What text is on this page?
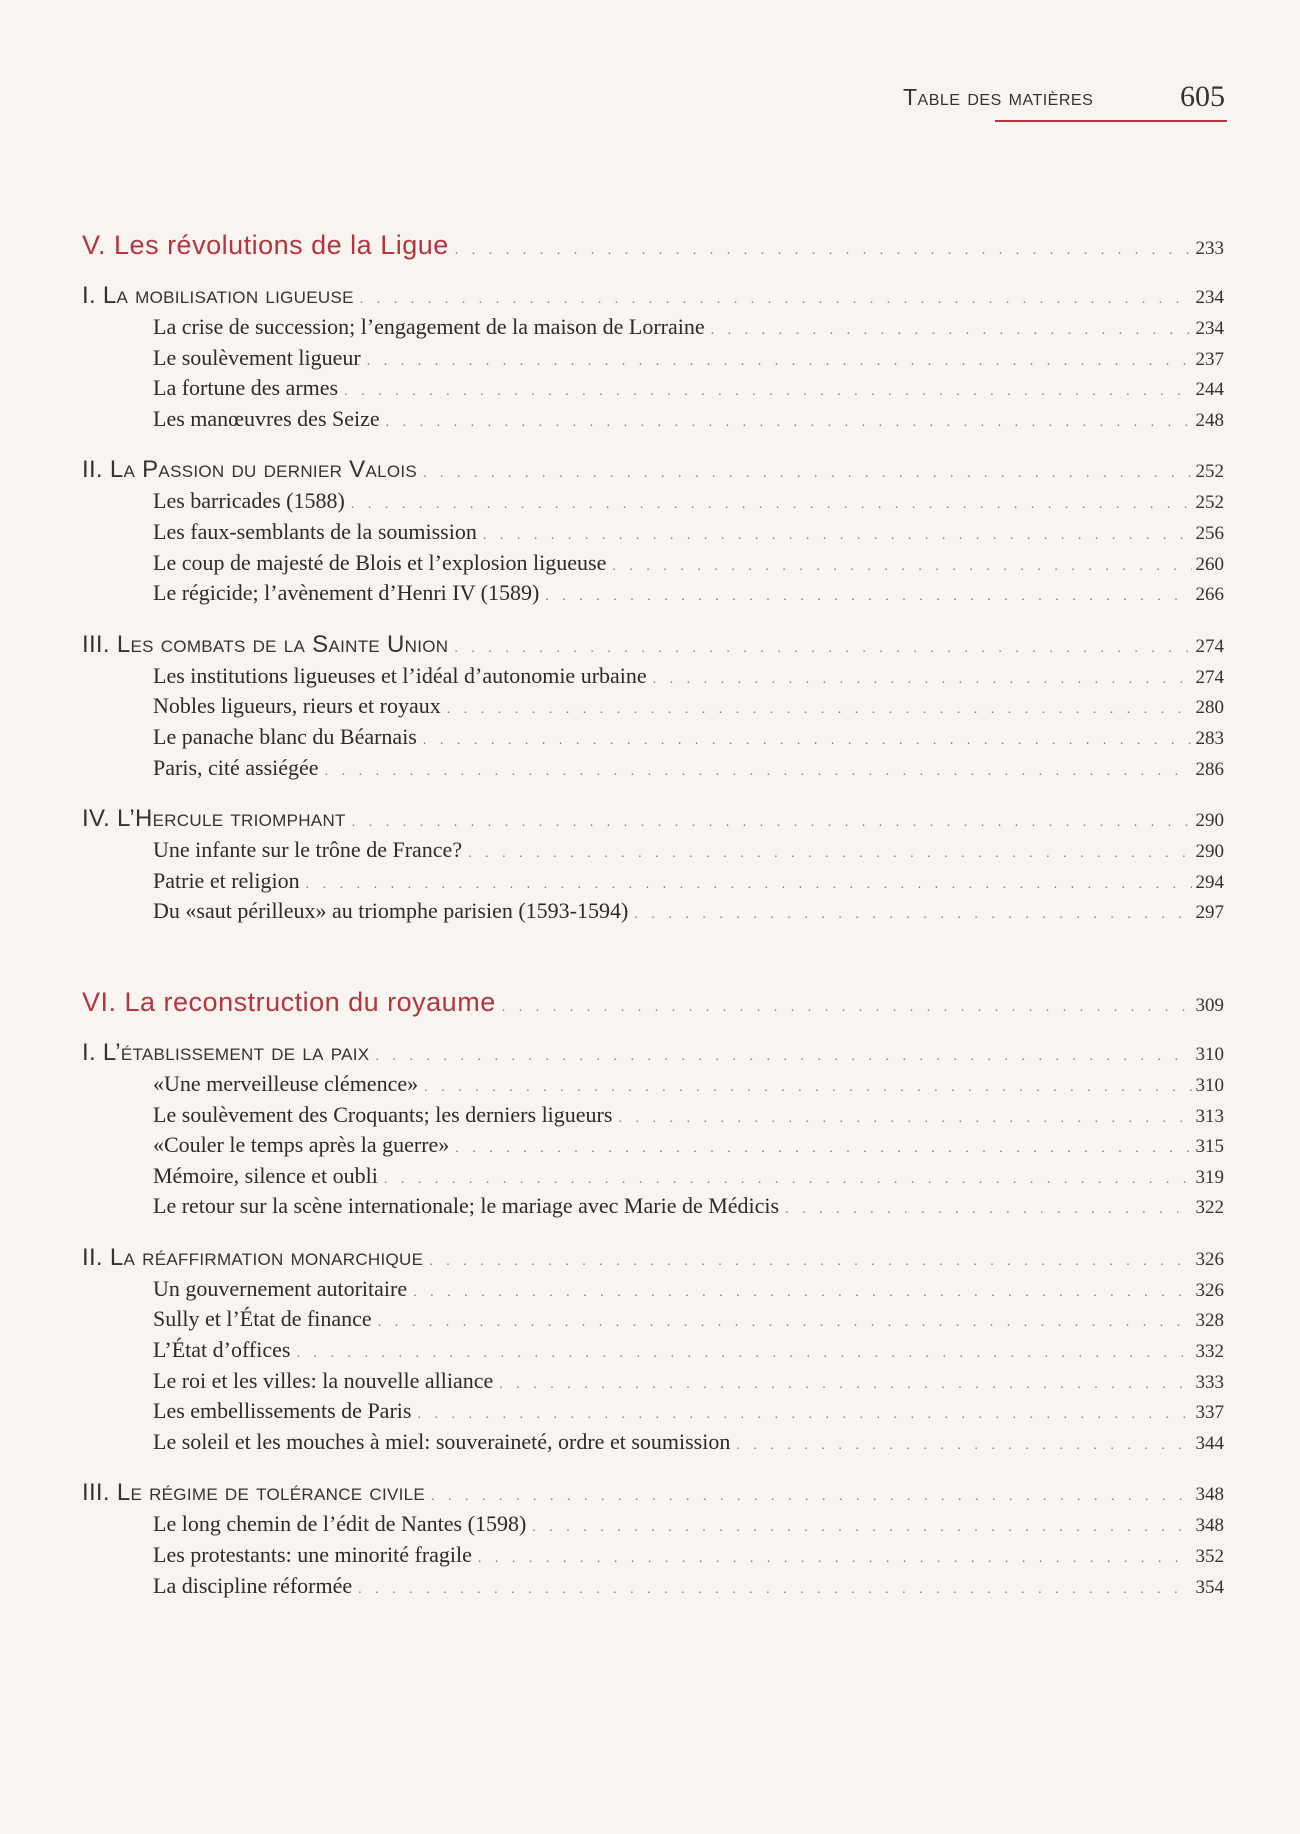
Table des matières	605
V. Les révolutions de la Ligue . . .	233
I. La mobilisation ligueuse . . .	234
La crise de succession; l’engagement de la maison de Lorraine . . .	234
Le soulèvement ligueur . . .	237
La fortune des armes . . .	244
Les manœuvres des Seize . . .	248
II. La Passion du dernier Valois . . .	252
Les barricades (1588) . . .	252
Les faux-semblants de la soumission . . .	256
Le coup de majesté de Blois et l’explosion ligueuse . . .	260
Le régicide; l’avènement d’Henri IV (1589) . . .	266
III. Les combats de la Sainte Union . . .	274
Les institutions ligueuses et l’idéal d’autonomie urbaine . . .	274
Nobles ligueurs, rieurs et royaux . . .	280
Le panache blanc du Béarnais . . .	283
Paris, cité assiégée . . .	286
IV. L’Hercule triomphant . . .	290
Une infante sur le trône de France? . . .	290
Patrie et religion . . .	294
Du «saut périlleux» au triomphe parisien (1593-1594) . . .	297
VI. La reconstruction du royaume . . .	309
I. L’établissement de la paix . . .	310
«Une merveilleuse clémence» . . .	310
Le soulèvement des Croquants; les derniers ligueurs . . .	313
«Couler le temps après la guerre» . . .	315
Mémoire, silence et oubli . . .	319
Le retour sur la scène internationale; le mariage avec Marie de Médicis . . .	322
II. La réaffirmation monarchique . . .	326
Un gouvernement autoritaire . . .	326
Sully et l’État de finance . . .	328
L’État d’offices . . .	332
Le roi et les villes: la nouvelle alliance . . .	333
Les embellissements de Paris . . .	337
Le soleil et les mouches à miel: souveraineté, ordre et soumission . . .	344
III. Le régime de tolérance civile . . .	348
Le long chemin de l’édit de Nantes (1598) . . .	348
Les protestants: une minorité fragile . . .	352
La discipline réformée . . .	354
